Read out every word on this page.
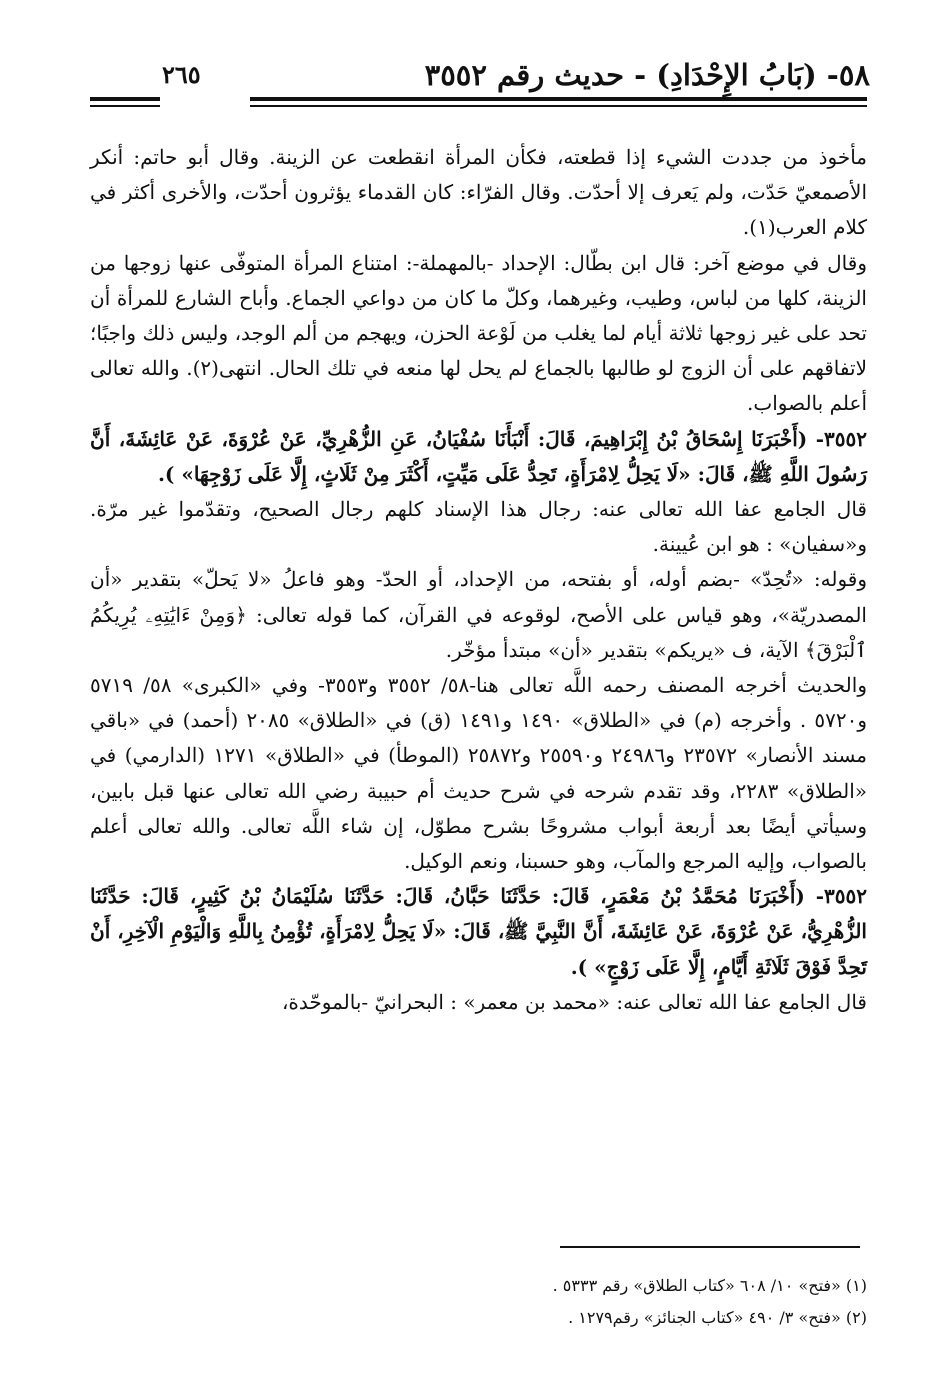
٥٨- (بَابُ الإِحْدَادِ) - حديث رقم ٣٥٥٢
٢٦٥

مأخوذ من جددت الشيء إذا قطعته، فكأن المرأة انقطعت عن الزينة. وقال أبو حاتم: أنكر الأصمعيّ حَدّت، ولم يَعرف إلا أحدّت. وقال الفرّاء: كان القدماء يؤثرون أحدّت، والأخرى أكثر في كلام العرب(١).

وقال في موضع آخر: قال ابن بطّال: الإحداد -بالمهملة-: امتناع المرأة المتوفّى عنها زوجها من الزينة، كلها من لباس، وطيب، وغيرهما، وكلّ ما كان من دواعي الجماع. وأباح الشارع للمرأة أن تحد على غير زوجها ثلاثة أيام لما يغلب من لَوْعة الحزن، ويهجم من ألم الوجد، وليس ذلك واجبًا؛ لاتفاقهم على أن الزوج لو طالبها بالجماع لم يحل لها منعه في تلك الحال. انتهى(٢). والله تعالى أعلم بالصواب.

٣٥٥٢- (أَخْبَرَنَا إِسْحَاقُ بْنُ إِبْرَاهِيمَ، قَالَ: أَنْبَأَنَا سُفْيَانُ، عَنِ الزُّهْرِيِّ، عَنْ عُرْوَةَ، عَنْ عَائِشَةَ، أَنَّ رَسُولَ اللَّهِ ﷺ، قَالَ: «لَا يَحِلُّ لِامْرَأَةٍ، تَحِدُّ عَلَى مَيِّتٍ، أَكْثَرَ مِنْ ثَلَاثٍ، إِلَّا عَلَى زَوْجِهَا» ).

قال الجامع عفا الله تعالى عنه: رجال هذا الإسناد كلهم رجال الصحيح، وتقدّموا غير مرّة. و«سفيان» : هو ابن عُيينة.

وقوله: «تُحِدّ» -بضم أوله، أو بفتحه، من الإحداد، أو الحدّ- وهو فاعلُ «لا يَحلّ» بتقدير «أن المصدريّة»، وهو قياس على الأصح، لوقوعه في القرآن، كما قوله تعالى: ﴿وَمِنْ ءَايَٰتِهِۦ يُرِيكُمُ ٱلْبَرْقَ﴾ الآية، ف «يريكم» بتقدير «أن» مبتدأ مؤخّر.

والحديث أخرجه المصنف رحمه اللَّه تعالى هنا-٥٨/ ٣٥٥٢ و٣٥٥٣- وفي «الكبرى» ٥٨/ ٥٧١٩ و٥٧٢٠ . وأخرجه (م) في «الطلاق» ١٤٩٠ و١٤٩١ (ق) في «الطلاق» ٢٠٨٥ (أحمد) في «باقي مسند الأنصار» ٢٣٥٧٢ و٢٤٩٨٦ و٢٥٥٩٠ و٢٥٨٧٢ (الموطأ) في «الطلاق» ١٢٧١ (الدارمي) في «الطلاق» ٢٢٨٣، وقد تقدم شرحه في شرح حديث أم حبيبة رضي الله تعالى عنها قبل بابين، وسيأتي أيضًا بعد أربعة أبواب مشروحًا بشرح مطوّل، إن شاء اللَّه تعالى. والله تعالى أعلم بالصواب، وإليه المرجع والمآب، وهو حسبنا، ونعم الوكيل.

٣٥٥٢- (أَخْبَرَنَا مُحَمَّدُ بْنُ مَعْمَرٍ، قَالَ: حَدَّثَنَا حَبَّانُ، قَالَ: حَدَّثَنَا سُلَيْمَانُ بْنُ كَثِيرٍ، قَالَ: حَدَّثَنَا الزُّهْرِيُّ، عَنْ عُرْوَةَ، عَنْ عَائِشَةَ، أَنَّ النَّبِيَّ ﷺ، قَالَ: «لَا يَحِلُّ لِامْرَأَةٍ، تُؤْمِنُ بِاللَّهِ وَالْيَوْمِ الْآخِرِ، أَنْ تَحِدَّ فَوْقَ ثَلَاثَةِ أَيَّامٍ، إِلَّا عَلَى زَوْجٍ» ).

قال الجامع عفا الله تعالى عنه: «محمد بن معمر» : البحرانيّ -بالموحّدة،

(١) «فتح» ١٠/ ٦٠٨ «كتاب الطلاق» رقم ٥٣٣٣ .

(٢) «فتح» ٣/ ٤٩٠ «كتاب الجنائز» رقم١٢٧٩ .
